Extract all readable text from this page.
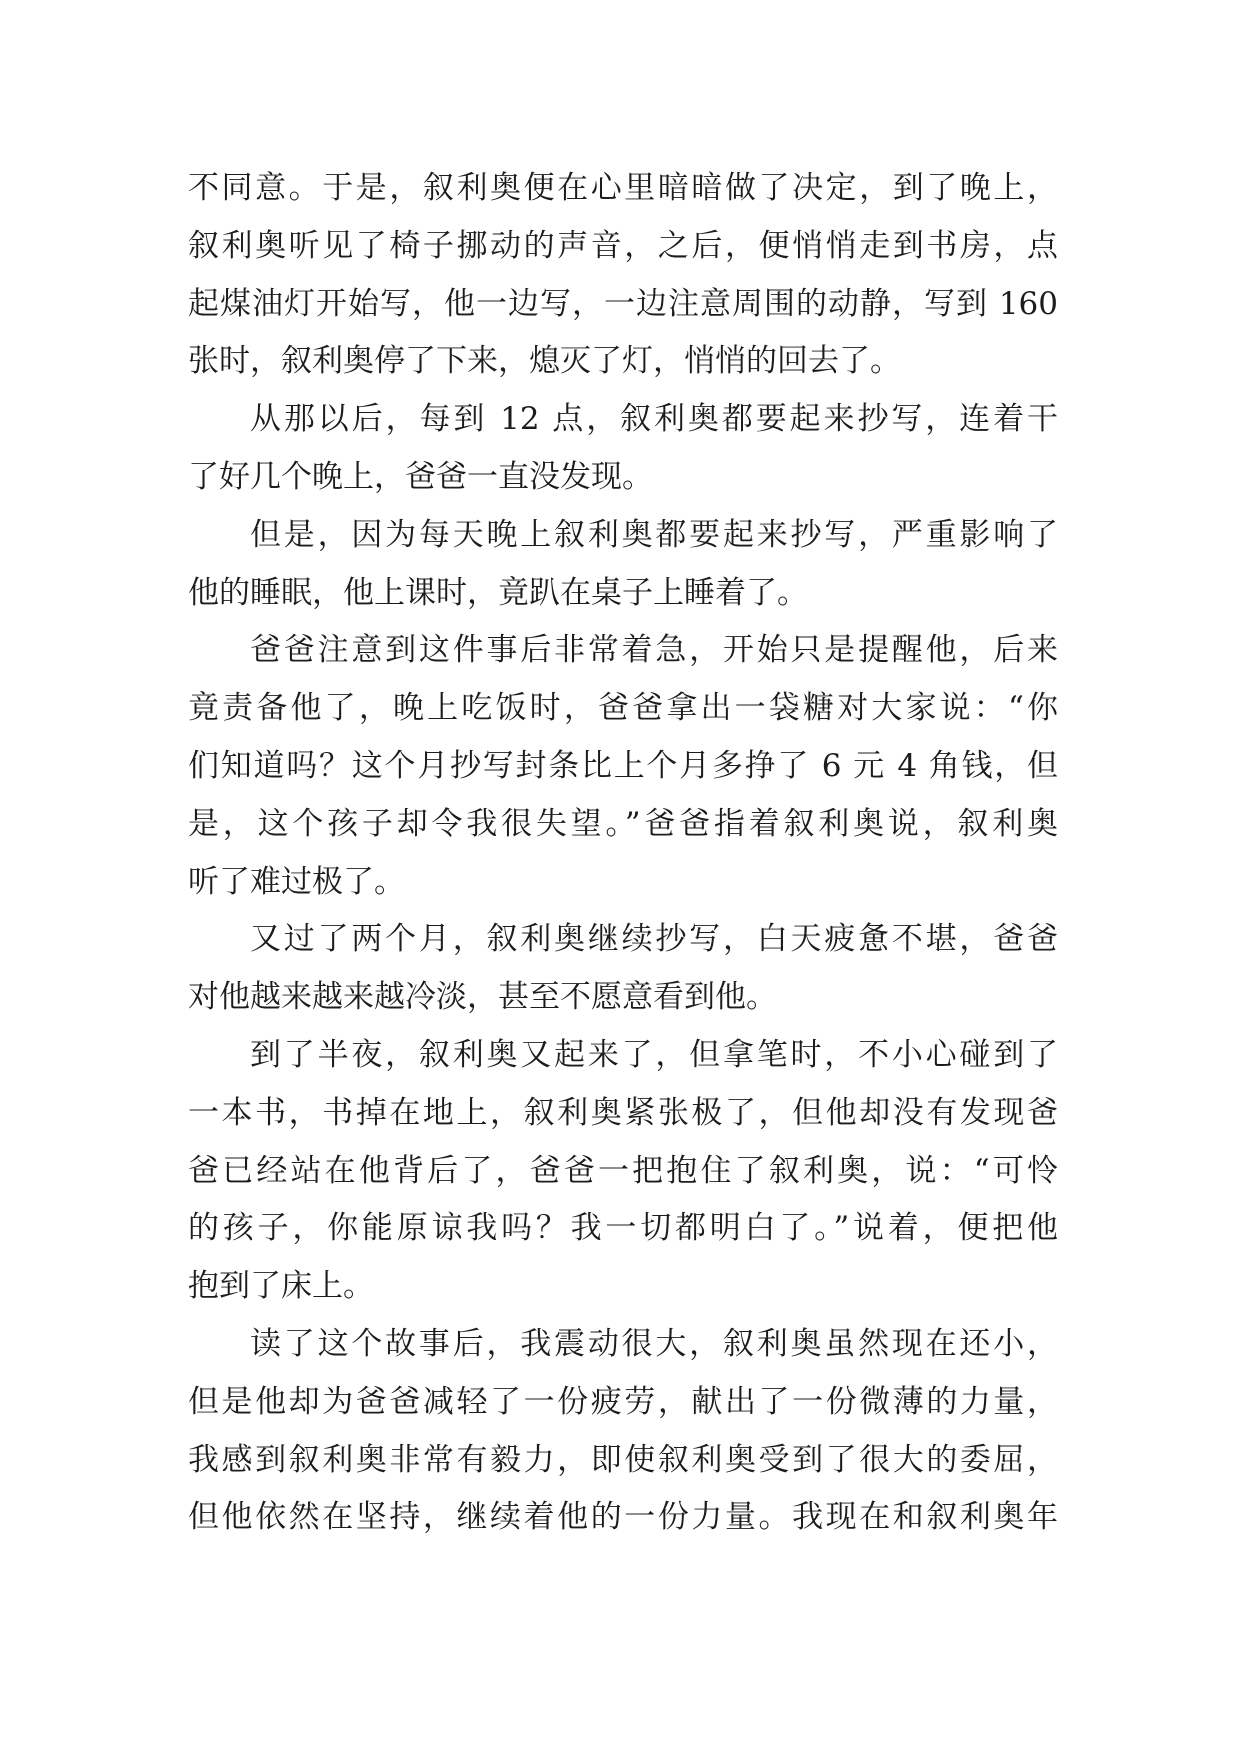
不同意。于是，叙利奥便在心里暗暗做了决定，到了晚上，
叙利奥听见了椅子挪动的声音，之后，便悄悄走到书房，点
起煤油灯开始写，他一边写，一边注意周围的动静，写到 160
张时，叙利奥停了下来，熄灭了灯，悄悄的回去了。
从那以后，每到 12 点，叙利奥都要起来抄写，连着干
了好几个晚上，爸爸一直没发现。
但是，因为每天晚上叙利奥都要起来抄写，严重影响了
他的睡眠，他上课时，竟趴在桌子上睡着了。
爸爸注意到这件事后非常着急，开始只是提醒他，后来
竟责备他了，晚上吃饭时，爸爸拿出一袋糖对大家说：“你
们知道吗？这个月抄写封条比上个月多挣了 6 元 4 角钱，但
是，这个孩子却令我很失望。”爸爸指着叙利奥说，叙利奥
听了难过极了。
又过了两个月，叙利奥继续抄写，白天疲惫不堪，爸爸
对他越来越来越冷淡，甚至不愿意看到他。
到了半夜，叙利奥又起来了，但拿笔时，不小心碰到了
一本书，书掉在地上，叙利奥紧张极了，但他却没有发现爸
爸已经站在他背后了，爸爸一把抱住了叙利奥，说：“可怜
的孩子，你能原谅我吗？我一切都明白了。”说着，便把他
抱到了床上。
读了这个故事后，我震动很大，叙利奥虽然现在还小，
但是他却为爸爸减轻了一份疲劳，献出了一份微薄的力量，
我感到叙利奥非常有毅力，即使叙利奥受到了很大的委屈，
但他依然在坚持，继续着他的一份力量。我现在和叙利奥年
